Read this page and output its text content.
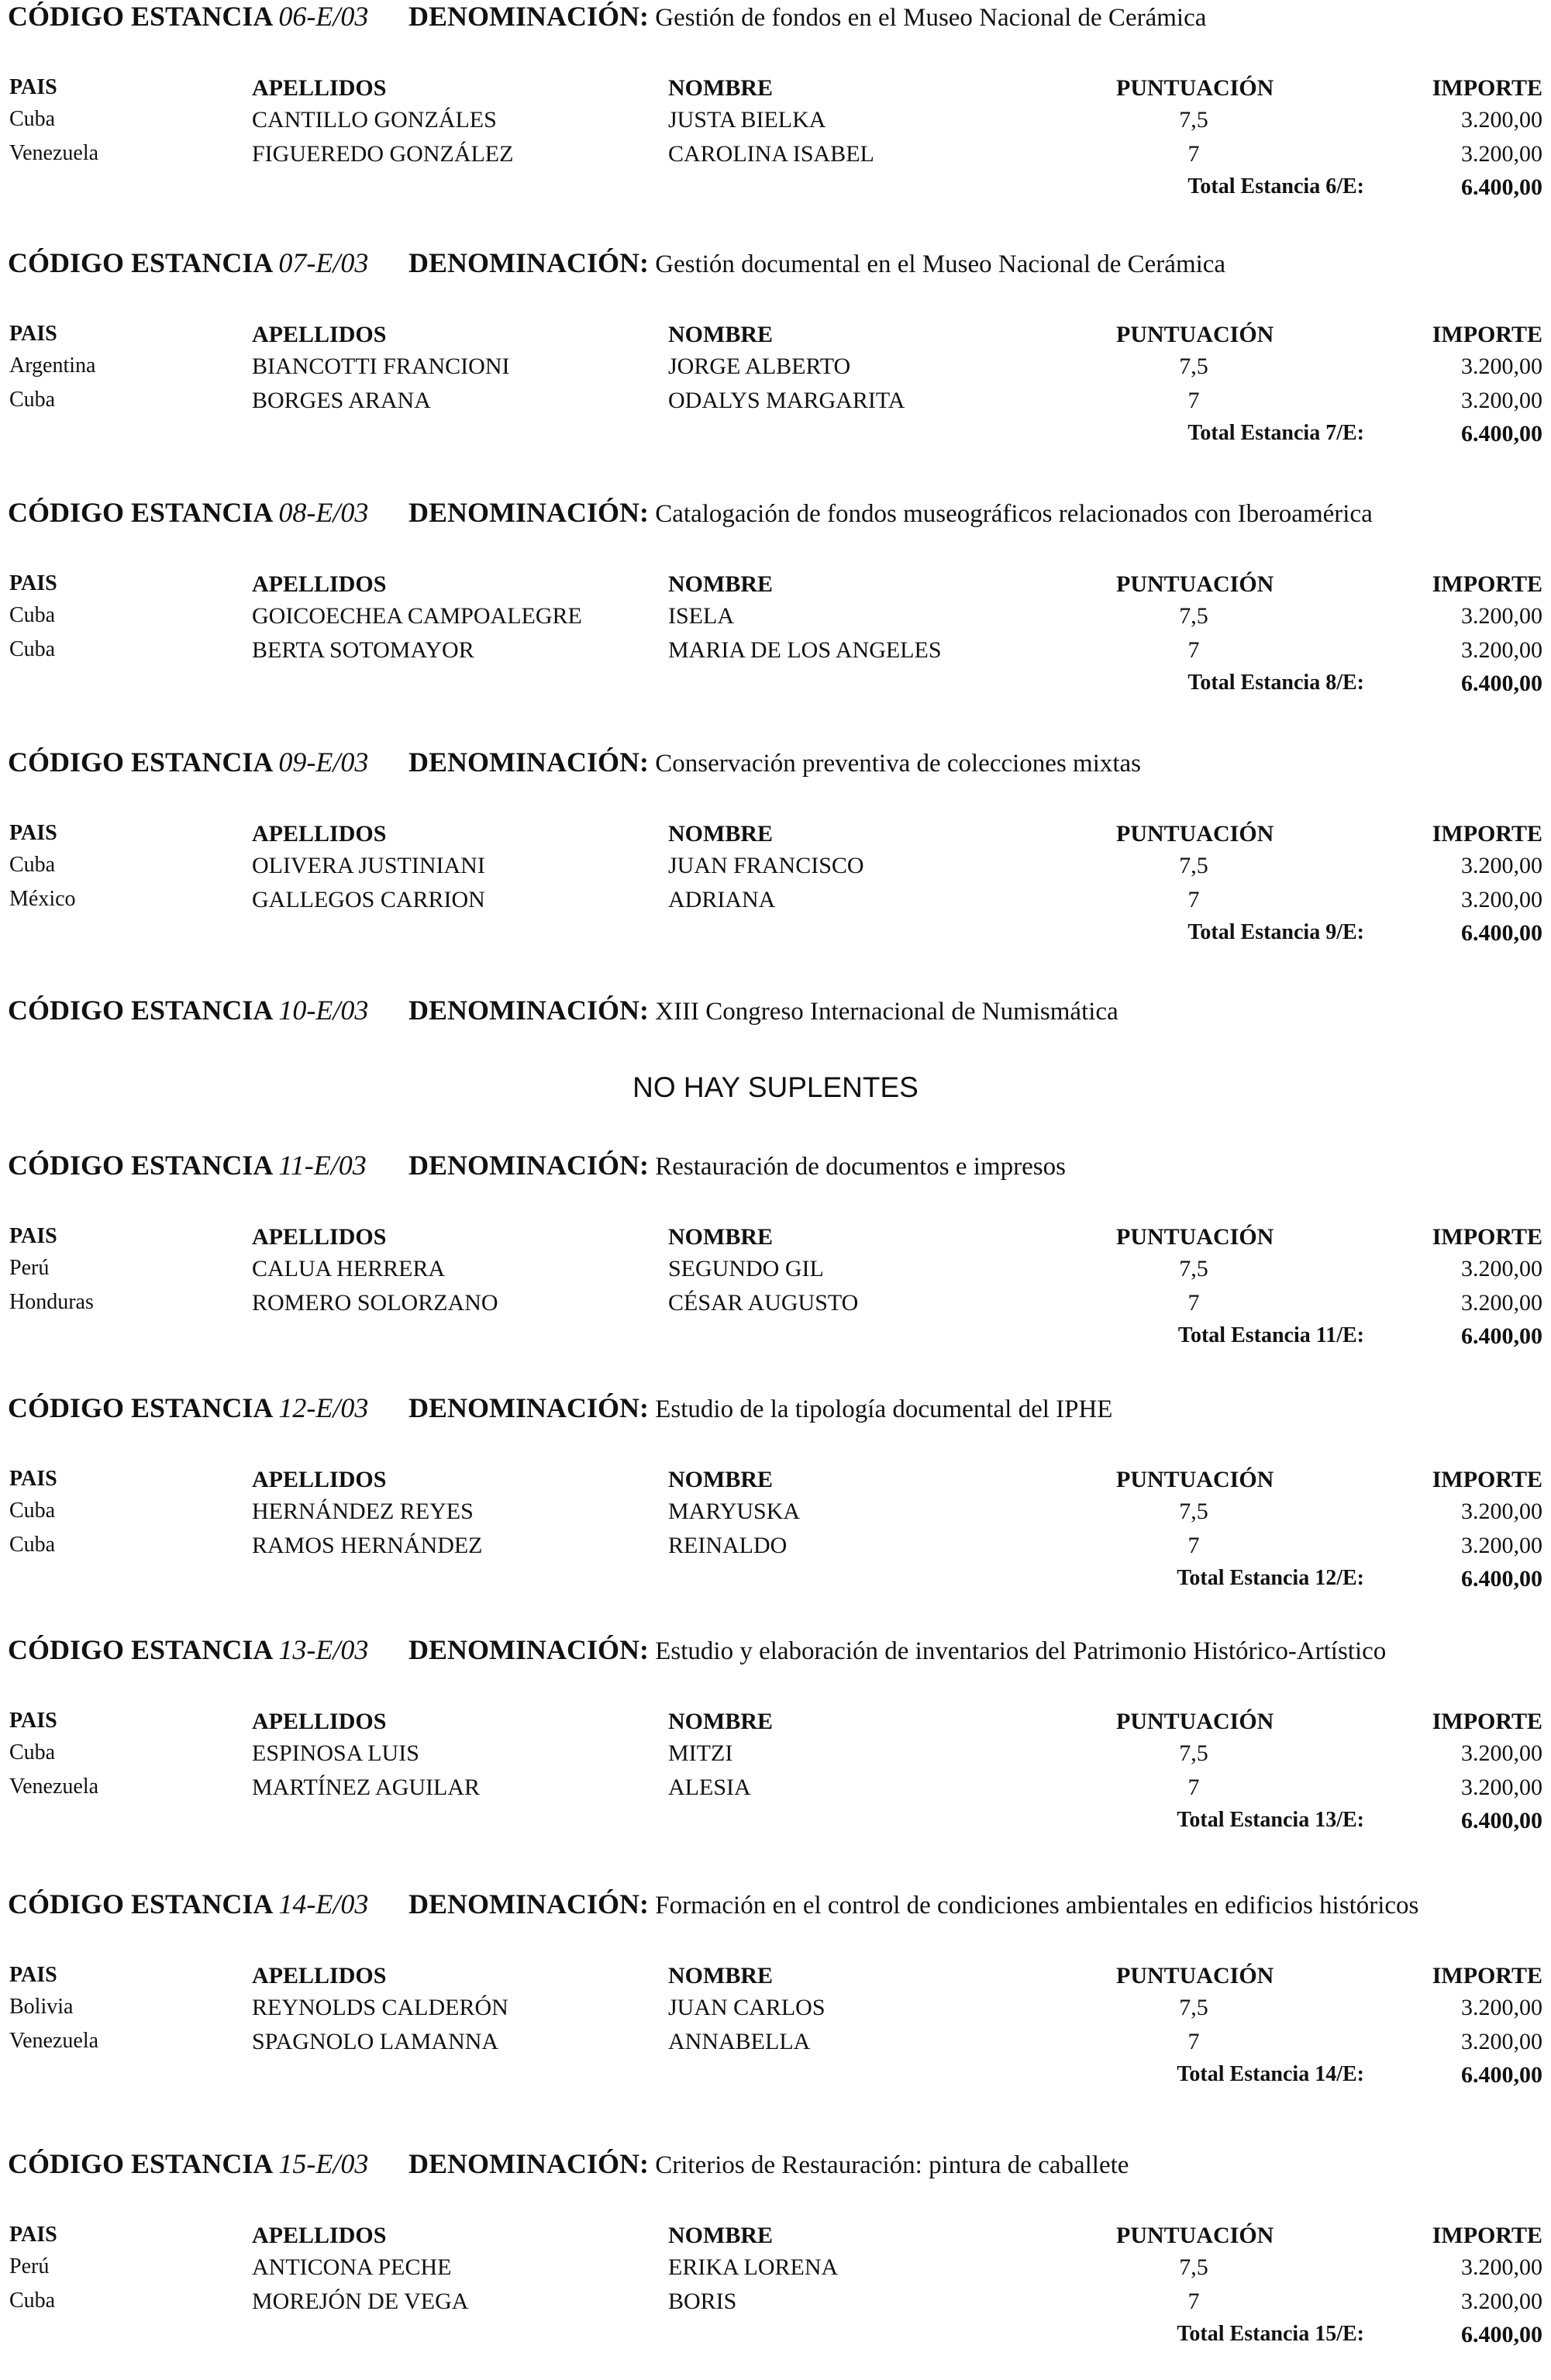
CÓDIGO ESTANCIA 06-E/03 DENOMINACIÓN: Gestión de fondos en el Museo Nacional de Cerámica
PAIS	APELLIDOS	NOMBRE	PUNTUACIÓN	IMPORTE
Cuba	CANTILLO GONZÁLES	JUSTA BIELKA	7,5	3.200,00
Venezuela	FIGUEREDO GONZÁLEZ	CAROLINA ISABEL	7	3.200,00
Total Estancia 6/E:	6.400,00
CÓDIGO ESTANCIA 07-E/03 DENOMINACIÓN: Gestión documental en el Museo Nacional de Cerámica
PAIS	APELLIDOS	NOMBRE	PUNTUACIÓN	IMPORTE
Argentina	BIANCOTTI FRANCIONI	JORGE ALBERTO	7,5	3.200,00
Cuba	BORGES ARANA	ODALYS MARGARITA	7	3.200,00
Total Estancia 7/E:	6.400,00
CÓDIGO ESTANCIA 08-E/03 DENOMINACIÓN: Catalogación de fondos museográficos relacionados con Iberoamérica
PAIS	APELLIDOS	NOMBRE	PUNTUACIÓN	IMPORTE
Cuba	GOICOECHEA CAMPOALEGRE	ISELA	7,5	3.200,00
Cuba	BERTA SOTOMAYOR	MARIA DE LOS ANGELES	7	3.200,00
Total Estancia 8/E:	6.400,00
CÓDIGO ESTANCIA 09-E/03 DENOMINACIÓN: Conservación preventiva de colecciones mixtas
PAIS	APELLIDOS	NOMBRE	PUNTUACIÓN	IMPORTE
Cuba	OLIVERA JUSTINIANI	JUAN FRANCISCO	7,5	3.200,00
México	GALLEGOS CARRION	ADRIANA	7	3.200,00
Total Estancia 9/E:	6.400,00
CÓDIGO ESTANCIA 10-E/03 DENOMINACIÓN: XIII Congreso Internacional de Numismática
NO HAY SUPLENTES
CÓDIGO ESTANCIA 11-E/03 DENOMINACIÓN: Restauración de documentos e impresos
PAIS	APELLIDOS	NOMBRE	PUNTUACIÓN	IMPORTE
Perú	CALUA HERRERA	SEGUNDO GIL	7,5	3.200,00
Honduras	ROMERO SOLORZANO	CÉSAR AUGUSTO	7	3.200,00
Total Estancia 11/E:	6.400,00
CÓDIGO ESTANCIA 12-E/03 DENOMINACIÓN: Estudio de la tipología documental del IPHE
PAIS	APELLIDOS	NOMBRE	PUNTUACIÓN	IMPORTE
Cuba	HERNÁNDEZ REYES	MARYUSKA	7,5	3.200,00
Cuba	RAMOS HERNÁNDEZ	REINALDO	7	3.200,00
Total Estancia 12/E:	6.400,00
CÓDIGO ESTANCIA 13-E/03 DENOMINACIÓN: Estudio y elaboración de inventarios del Patrimonio Histórico-Artístico
PAIS	APELLIDOS	NOMBRE	PUNTUACIÓN	IMPORTE
Cuba	ESPINOSA LUIS	MITZI	7,5	3.200,00
Venezuela	MARTÍNEZ AGUILAR	ALESIA	7	3.200,00
Total Estancia 13/E:	6.400,00
CÓDIGO ESTANCIA 14-E/03 DENOMINACIÓN: Formación en el control de condiciones ambientales en edificios históricos
PAIS	APELLIDOS	NOMBRE	PUNTUACIÓN	IMPORTE
Bolivia	REYNOLDS CALDERÓN	JUAN CARLOS	7,5	3.200,00
Venezuela	SPAGNOLO LAMANNA	ANNABELLA	7	3.200,00
Total Estancia 14/E:	6.400,00
CÓDIGO ESTANCIA 15-E/03 DENOMINACIÓN: Criterios de Restauración: pintura de caballete
PAIS	APELLIDOS	NOMBRE	PUNTUACIÓN	IMPORTE
Perú	ANTICONA PECHE	ERIKA LORENA	7,5	3.200,00
Cuba	MOREJÓN DE VEGA	BORIS	7	3.200,00
Total Estancia 15/E:	6.400,00
